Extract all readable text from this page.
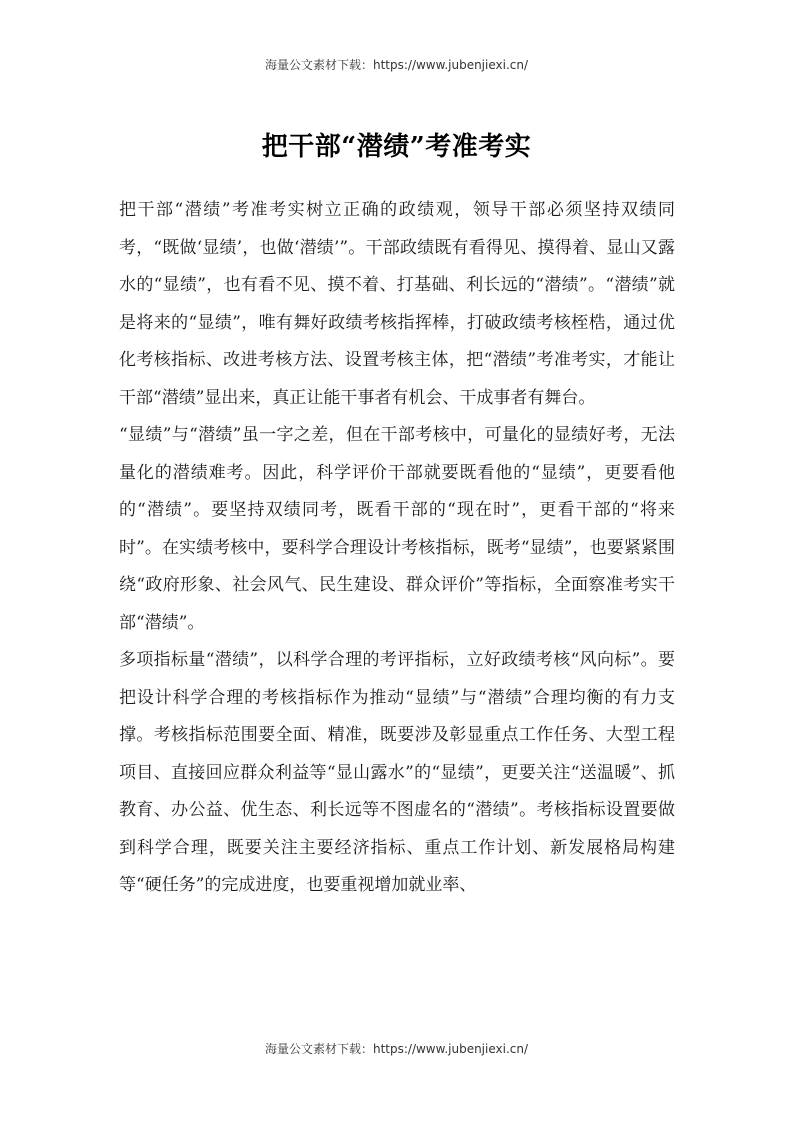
海量公文素材下载：https://www.jubenjiexi.cn/
把干部“潜绩”考准考实

把干部“潜绩”考准考实树立正确的政绩观，领导干部必须坚持双绩同考，“既做‘显绩’，也做‘潜绩’”。干部政绩既有看得见、摸得着、显山又露水的“显绩”，也有看不见、摸不着、打基础、利长远的“潜绩”。“潜绩”就是将来的“显绩”，唯有舞好政绩考核指挥棒，打破政绩考核桎梏，通过优化考核指标、改进考核方法、设置考核主体，把“潜绩”考准考实，才能让干部“潜绩”显出来，真正让能干事者有机会、干成事者有舞台。

“显绩”与“潜绩”虽一字之差，但在干部考核中，可量化的显绩好考，无法量化的潜绩难考。因此，科学评价干部就要既看他的“显绩”，更要看他的“潜绩”。要坚持双绩同考，既看干部的“现在时”，更看干部的“将来时”。在实绩考核中，要科学合理设计考核指标，既考“显绩”，也要紧紧围绕“政府形象、社会风气、民生建设、群众评价”等指标，全面察准考实干部“潜绩”。

多项指标量“潜绩”，以科学合理的考评指标，立好政绩考核“风向标”。要把设计科学合理的考核指标作为推动“显绩”与“潜绩”合理均衡的有力支撑。考核指标范围要全面、精准，既要涉及彰显重点工作任务、大型工程项目、直接回应群众利益等“显山露水”的“显绩”，更要关注“送温暖”、抓教育、办公益、优生态、利长远等不图虚名的“潜绩”。考核指标设置要做到科学合理，既要关注主要经济指标、重点工作计划、新发展格局构建等“硬任务”的完成进度，也要重视增加就业率、

海量公文素材下载：https://www.jubenjiexi.cn/
